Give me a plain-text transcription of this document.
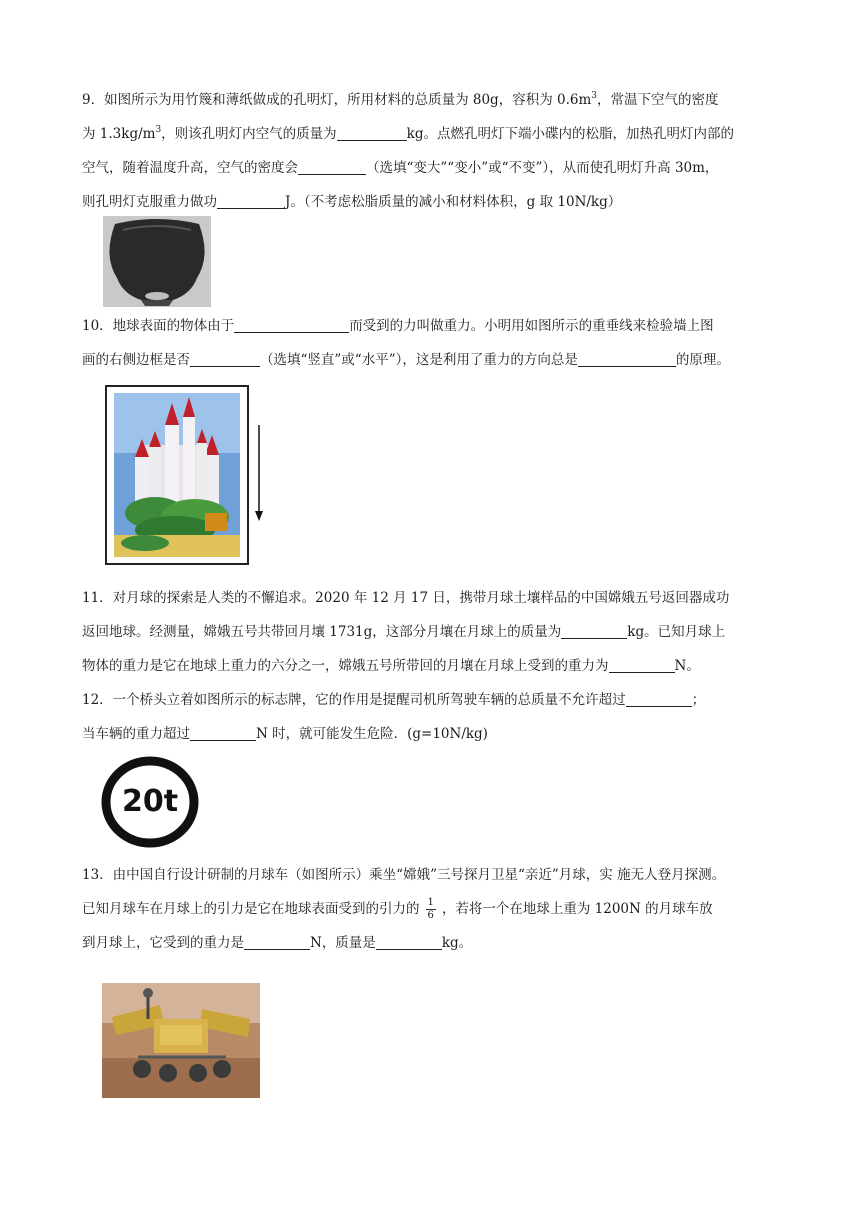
9．如图所示为用竹篾和薄纸做成的孔明灯，所用材料的总质量为 80g，容积为 $0.6m^3$，常温下空气的密度
为 $1.3kg/m^3$，则该孔明灯内空气的质量为	kg。点燃孔明灯下端小碟内的松脂，加热孔明灯内部的
空气，随着温度升高，空气的密度会	（选填“变大”“变小”或“不变”），从而使孔明灯升高 30m，
则孔明灯克服重力做功	J。（不考虑松脂质量的减小和材料体积，g 取 10N/kg）
10．地球表面的物体由于	而受到的力叫做重力。小明用如图所示的重垂线来检验墙上图
画的右侧边框是否	（选填“竖直”或“水平”），这是利用了重力的方向总是	的原理。
11．对月球的探索是人类的不懈追求。2020 年 12 月 17 日，携带月球土壤样品的中国嫦娥五号返回器成功
返回地球。经测量，嫦娥五号共带回月壤 1731g，这部分月壤在月球上的质量为	kg。已知月球上
物体的重力是它在地球上重力的六分之一，嫦娥五号所带回的月壤在月球上受到的重力为	N。
12．一个桥头立着如图所示的标志牌，它的作用是提醒司机所驾驶车辆的总质量不允许超过	；
当车辆的重力超过	N 时，就可能发生危险．(g=10N/kg)
20t
13．由中国自行设计研制的月球车（如图所示）乘坐“嫦娥”三号探月卫星“亲近”月球，实 施无人登月探测。
已知月球车在月球上的引力是它在地球表面受到的引力的 $\frac{1}{6}$ ，若将一个在地球上重为 1200N 的月球车放
到月球上，它受到的重力是	N，质量是	kg。
